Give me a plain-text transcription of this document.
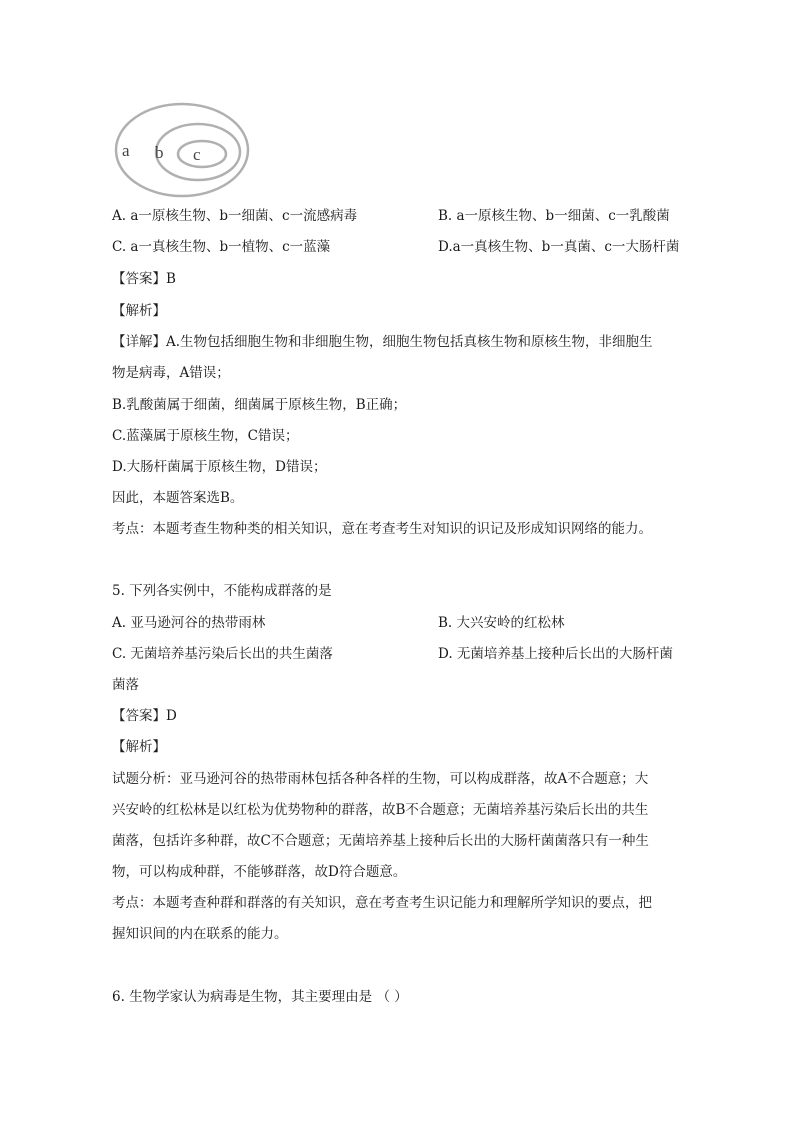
a b c
A. a一原核生物、b一细菌、c一流感病毒	B. a一原核生物、b一细菌、c一乳酸菌
C. a一真核生物、b一植物、c一蓝藻	D.a一真核生物、b一真菌、c一大肠杆菌
【答案】B
【解析】
【详解】A.生物包括细胞生物和非细胞生物，细胞生物包括真核生物和原核生物，非细胞生
物是病毒，A错误；
B.乳酸菌属于细菌，细菌属于原核生物，B正确；
C.蓝藻属于原核生物，C错误；
D.大肠杆菌属于原核生物，D错误；
因此，本题答案选B。
考点：本题考查生物种类的相关知识，意在考查考生对知识的识记及形成知识网络的能力。
5. 下列各实例中，不能构成群落的是
A. 亚马逊河谷的热带雨林	B. 大兴安岭的红松林
C. 无菌培养基污染后长出的共生菌落	D. 无菌培养基上接种后长出的大肠杆菌
菌落
【答案】D
【解析】
试题分析：亚马逊河谷的热带雨林包括各种各样的生物，可以构成群落，故A不合题意；大
兴安岭的红松林是以红松为优势物种的群落，故B不合题意；无菌培养基污染后长出的共生
菌落，包括许多种群，故C不合题意；无菌培养基上接种后长出的大肠杆菌菌落只有一种生
物，可以构成种群，不能够群落，故D符合题意。
考点：本题考查种群和群落的有关知识，意在考查考生识记能力和理解所学知识的要点，把
握知识间的内在联系的能力。
6. 生物学家认为病毒是生物，其主要理由是 （ ）
